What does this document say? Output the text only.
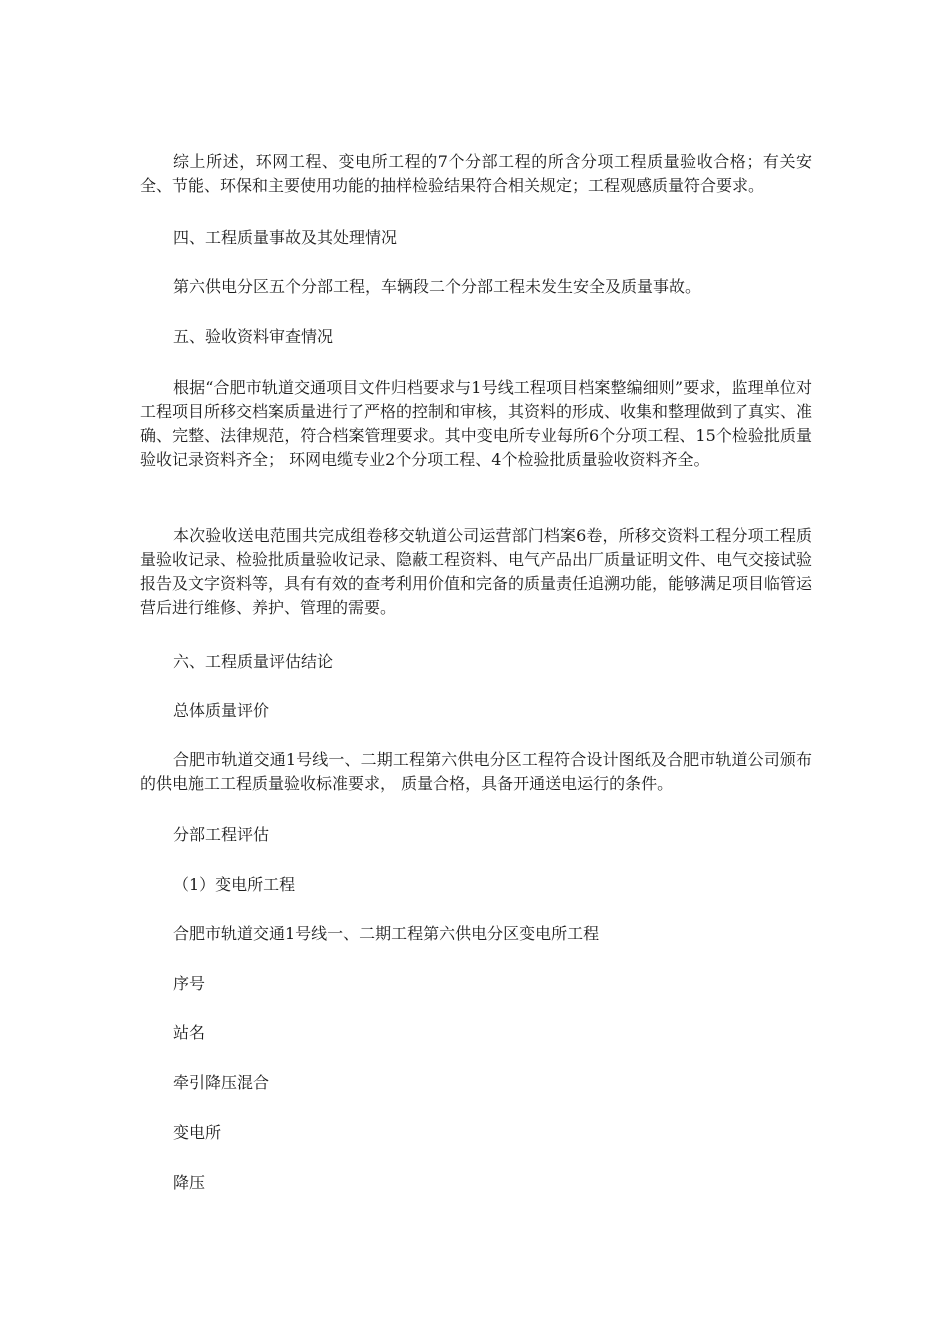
综上所述，环网工程、变电所工程的7个分部工程的所含分项工程质量验收合格；有关安全、节能、环保和主要使用功能的抽样检验结果符合相关规定；工程观感质量符合要求。

四、工程质量事故及其处理情况

第六供电分区五个分部工程，车辆段二个分部工程未发生安全及质量事故。

五、验收资料审查情况

根据“合肥市轨道交通项目文件归档要求与1号线工程项目档案整编细则”要求，监理单位对工程项目所移交档案质量进行了严格的控制和审核，其资料的形成、收集和整理做到了真实、准确、完整、法律规范，符合档案管理要求。其中变电所专业每所6个分项工程、15个检验批质量验收记录资料齐全； 环网电缆专业2个分项工程、4个检验批质量验收资料齐全。

本次验收送电范围共完成组卷移交轨道公司运营部门档案6卷，所移交资料工程分项工程质量验收记录、检验批质量验收记录、隐蔽工程资料、电气产品出厂质量证明文件、电气交接试验报告及文字资料等，具有有效的查考利用价值和完备的质量责任追溯功能，能够满足项目临管运营后进行维修、养护、管理的需要。

六、工程质量评估结论

总体质量评价

合肥市轨道交通1号线一、二期工程第六供电分区工程符合设计图纸及合肥市轨道公司颁布的供电施工工程质量验收标准要求， 质量合格，具备开通送电运行的条件。

分部工程评估

（1）变电所工程

合肥市轨道交通1号线一、二期工程第六供电分区变电所工程

序号

站名

牵引降压混合

变电所

降压
